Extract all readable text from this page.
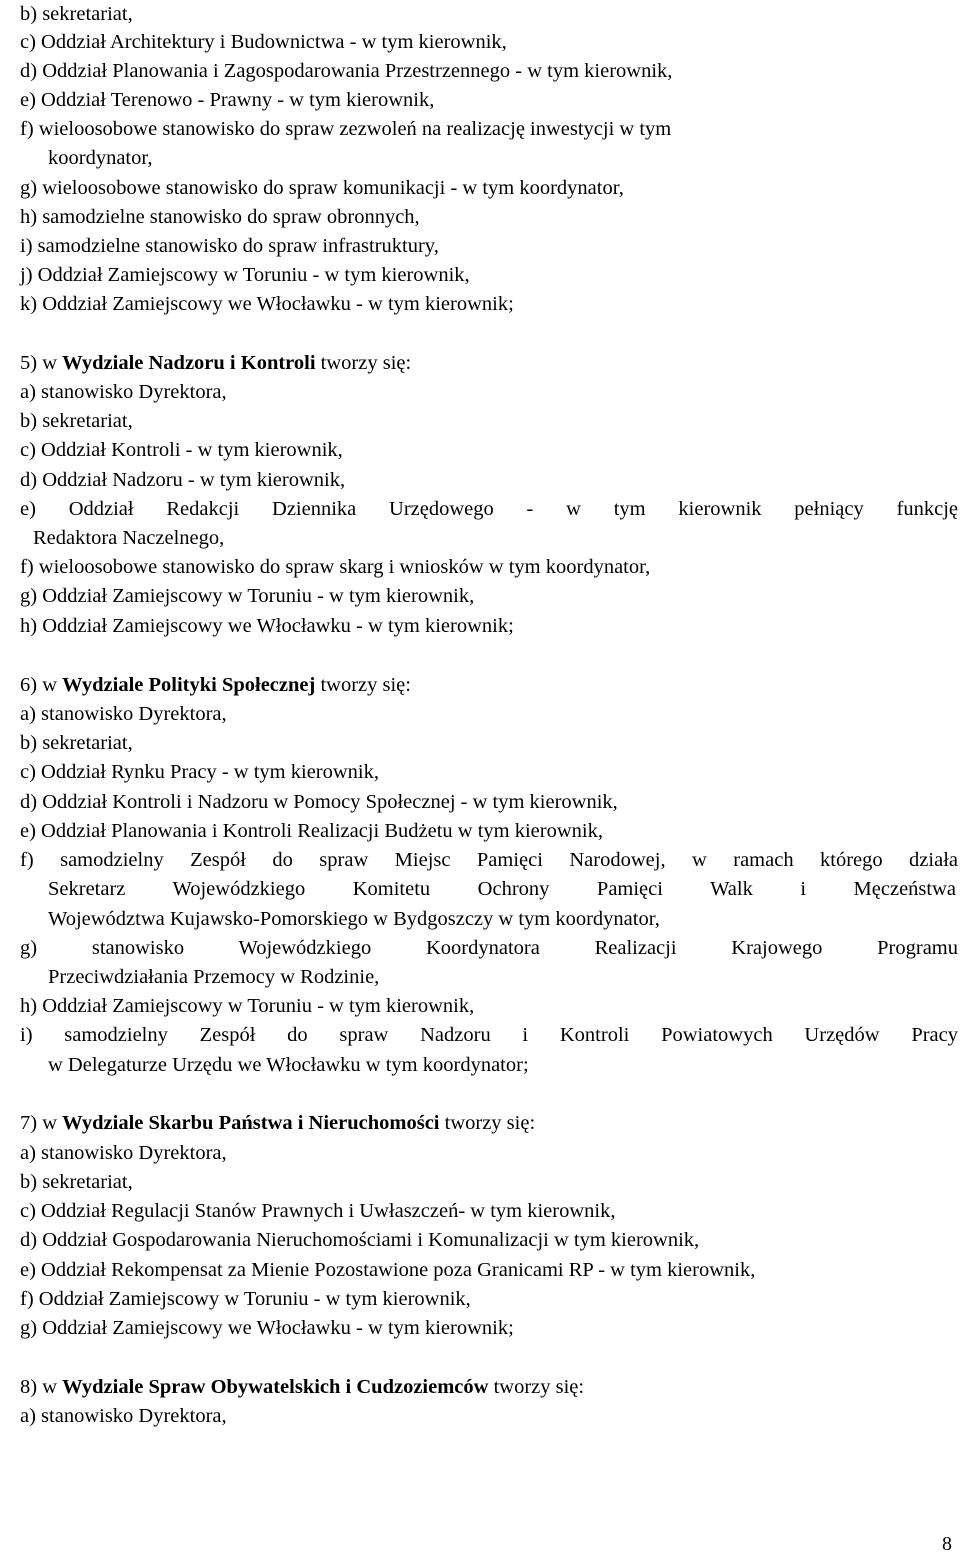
b) sekretariat,
c) Oddział Architektury i Budownictwa - w tym kierownik,
d) Oddział Planowania i Zagospodarowania Przestrzennego - w tym kierownik,
e) Oddział Terenowo - Prawny - w tym kierownik,
f) wieloosobowe stanowisko do spraw zezwoleń na realizację inwestycji w tym
koordynator,
g) wieloosobowe stanowisko do spraw komunikacji - w tym koordynator,
h) samodzielne stanowisko do spraw obronnych,
i) samodzielne stanowisko do spraw infrastruktury,
j) Oddział Zamiejscowy w Toruniu - w tym kierownik,
k) Oddział Zamiejscowy we Włocławku - w tym kierownik;
5) w Wydziale Nadzoru i Kontroli tworzy się:
a) stanowisko Dyrektora,
b) sekretariat,
c) Oddział Kontroli - w tym kierownik,
d) Oddział Nadzoru - w tym kierownik,
e) Oddział Redakcji Dziennika Urzędowego - w tym kierownik pełniący funkcję
Redaktora Naczelnego,
f) wieloosobowe stanowisko do spraw skarg i wniosków w tym koordynator,
g) Oddział Zamiejscowy w Toruniu - w tym kierownik,
h) Oddział Zamiejscowy we Włocławku - w tym kierownik;
6) w Wydziale Polityki Społecznej tworzy się:
a) stanowisko Dyrektora,
b) sekretariat,
c) Oddział Rynku Pracy - w tym kierownik,
d) Oddział Kontroli i Nadzoru w Pomocy Społecznej - w tym kierownik,
e) Oddział Planowania i Kontroli Realizacji Budżetu w tym kierownik,
f) samodzielny Zespół do spraw Miejsc Pamięci Narodowej, w ramach którego działa
Sekretarz Wojewódzkiego Komitetu Ochrony Pamięci Walk i Męczeństwa
Województwa Kujawsko-Pomorskiego w Bydgoszczy w tym koordynator,
g) stanowisko Wojewódzkiego Koordynatora Realizacji Krajowego Programu
Przeciwdziałania Przemocy w Rodzinie,
h) Oddział Zamiejscowy w Toruniu - w tym kierownik,
i) samodzielny Zespół do spraw Nadzoru i Kontroli Powiatowych Urzędów Pracy
w Delegaturze Urzędu we Włocławku w tym koordynator;
7) w Wydziale Skarbu Państwa i Nieruchomości tworzy się:
a) stanowisko Dyrektora,
b) sekretariat,
c) Oddział Regulacji Stanów Prawnych i Uwłaszczeń- w tym kierownik,
d) Oddział Gospodarowania Nieruchomościami i Komunalizacji w tym kierownik,
e) Oddział Rekompensat za Mienie Pozostawione poza Granicami RP - w tym kierownik,
f) Oddział Zamiejscowy w Toruniu - w tym kierownik,
g) Oddział Zamiejscowy we Włocławku - w tym kierownik;
8) w Wydziale Spraw Obywatelskich i Cudzoziemców tworzy się:
a) stanowisko Dyrektora,
8
